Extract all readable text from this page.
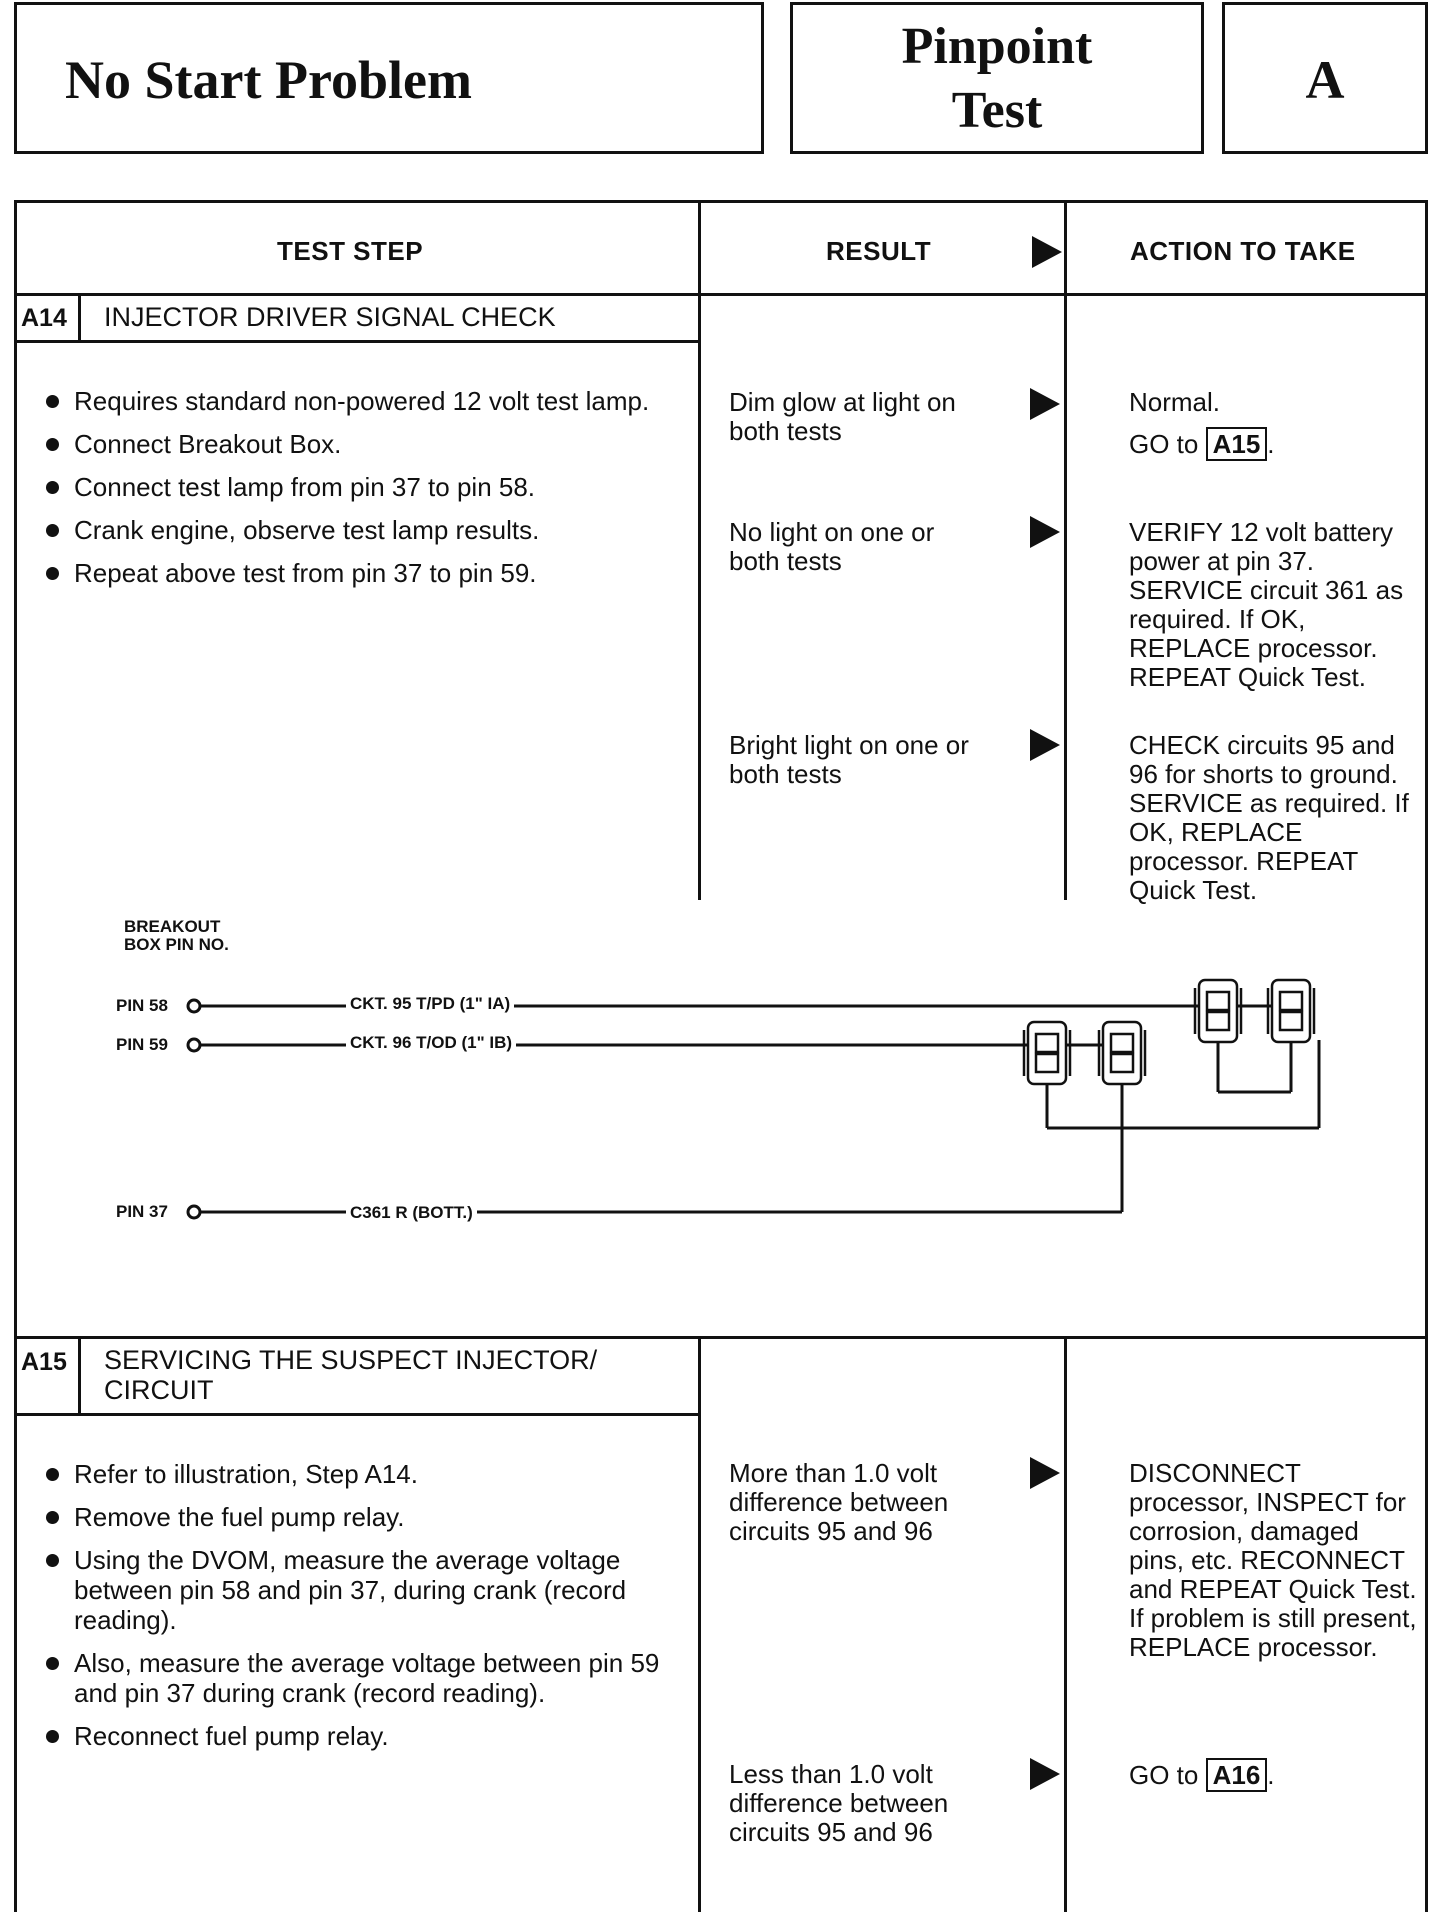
No Start Problem
Pinpoint
Test
A
TEST STEP	RESULT	ACTION TO TAKE
A14 INJECTOR DRIVER SIGNAL CHECK
Requires standard non-powered 12 volt test lamp.
Connect Breakout Box.
Connect test lamp from pin 37 to pin 58.
Crank engine, observe test lamp results.
Repeat above test from pin 37 to pin 59.
Dim glow at light on both tests
Normal.
GO to A15 .
No light on one or both tests
VERIFY 12 volt battery power at pin 37. SERVICE circuit 361 as required. If OK, REPLACE processor. REPEAT Quick Test.
Bright light on one or both tests
CHECK circuits 95 and 96 for shorts to ground. SERVICE as required. If OK, REPLACE processor. REPEAT Quick Test.
BREAKOUT
BOX PIN NO.
PIN 58
PIN 59
PIN 37
CKT. 95 T/PD (1" IA)
CKT. 96 T/OD (1" IB)
C361 R (BOTT.)
A15 SERVICING THE SUSPECT INJECTOR/
CIRCUIT
Refer to illustration, Step A14.
Remove the fuel pump relay.
Using the DVOM, measure the average voltage between pin 58 and pin 37, during crank (record reading).
Also, measure the average voltage between pin 59 and pin 37 during crank (record reading).
Reconnect fuel pump relay.
More than 1.0 volt difference between circuits 95 and 96
DISCONNECT processor, INSPECT for corrosion, damaged pins, etc. RECONNECT and REPEAT Quick Test. If problem is still present, REPLACE processor.
Less than 1.0 volt difference between circuits 95 and 96
GO to A16 .
